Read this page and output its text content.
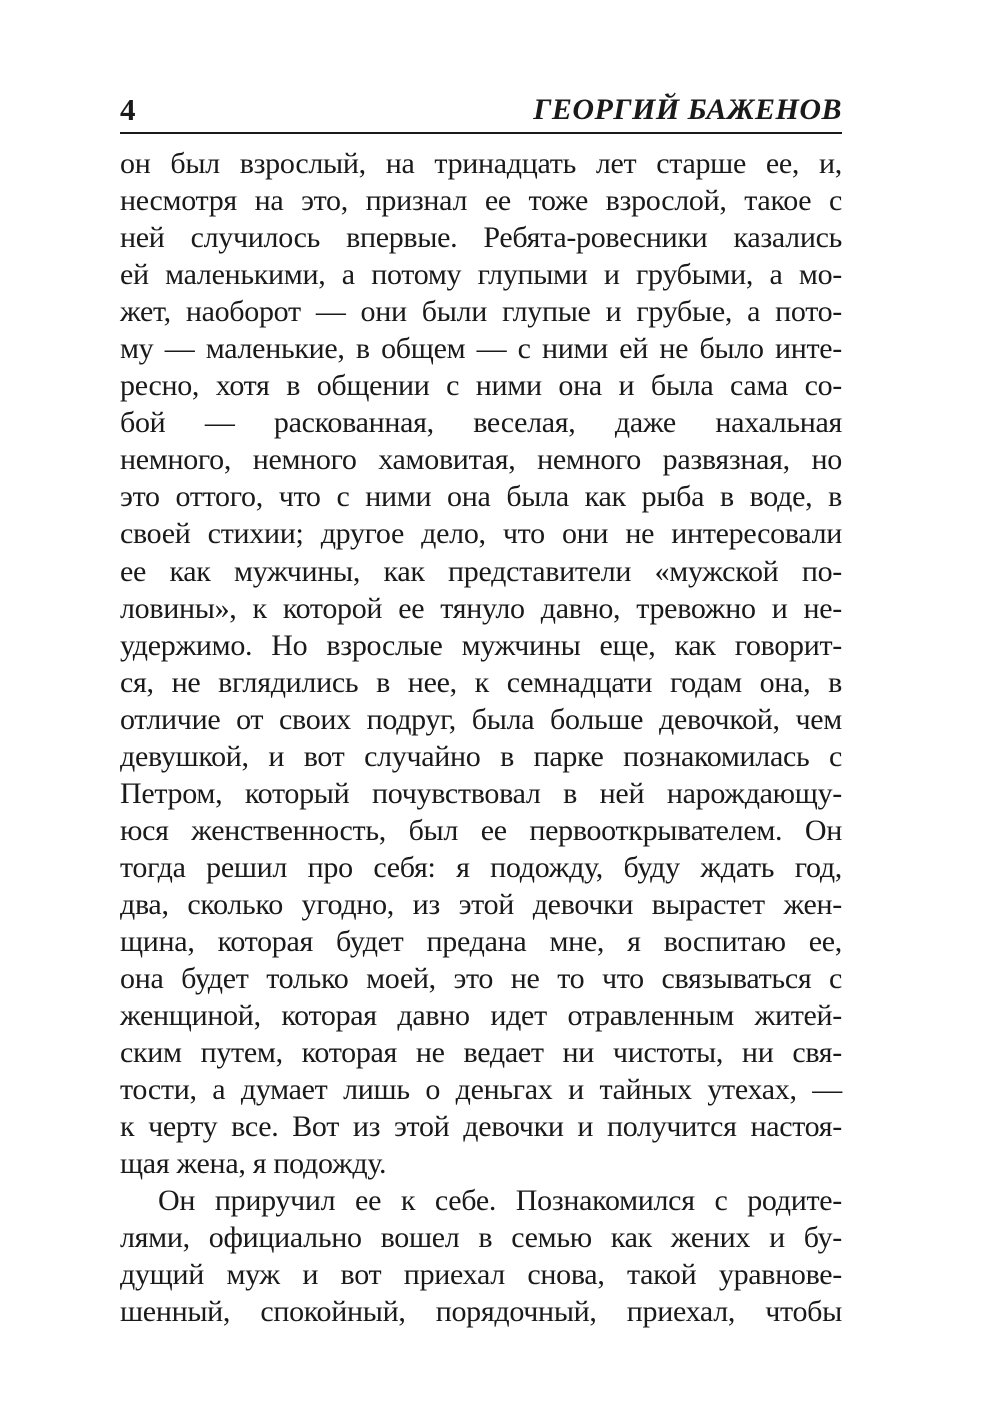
4	ГЕОРГИЙ БАЖЕНОВ
он был взрослый, на тринадцать лет старше ее, и,
несмотря на это, признал ее тоже взрослой, такое с
ней случилось впервые. Ребята-ровесники казались
ей маленькими, а потому глупыми и грубыми, а мо-
жет, наоборот — они были глупые и грубые, а пото-
му — маленькие, в общем — с ними ей не было инте-
ресно, хотя в общении с ними она и была сама со-
бой — раскованная, веселая, даже нахальная
немного, немного хамовитая, немного развязная, но
это оттого, что с ними она была как рыба в воде, в
своей стихии; другое дело, что они не интересовали
ее как мужчины, как представители «мужской по-
ловины», к которой ее тянуло давно, тревожно и не-
удержимо. Но взрослые мужчины еще, как говорит-
ся, не вглядились в нее, к семнадцати годам она, в
отличие от своих подруг, была больше девочкой, чем
девушкой, и вот случайно в парке познакомилась с
Петром, который почувствовал в ней нарождающу-
юся женственность, был ее первооткрывателем. Он
тогда решил про себя: я подожду, буду ждать год,
два, сколько угодно, из этой девочки вырастет жен-
щина, которая будет предана мне, я воспитаю ее,
она будет только моей, это не то что связываться с
женщиной, которая давно идет отравленным житей-
ским путем, которая не ведает ни чистоты, ни свя-
тости, а думает лишь о деньгах и тайных утехах, —
к черту все. Вот из этой девочки и получится настоя-
щая жена, я подожду.
Он приручил ее к себе. Познакомился с родите-
лями, официально вошел в семью как жених и бу-
дущий муж и вот приехал снова, такой уравнове-
шенный, спокойный, порядочный, приехал, чтобы
